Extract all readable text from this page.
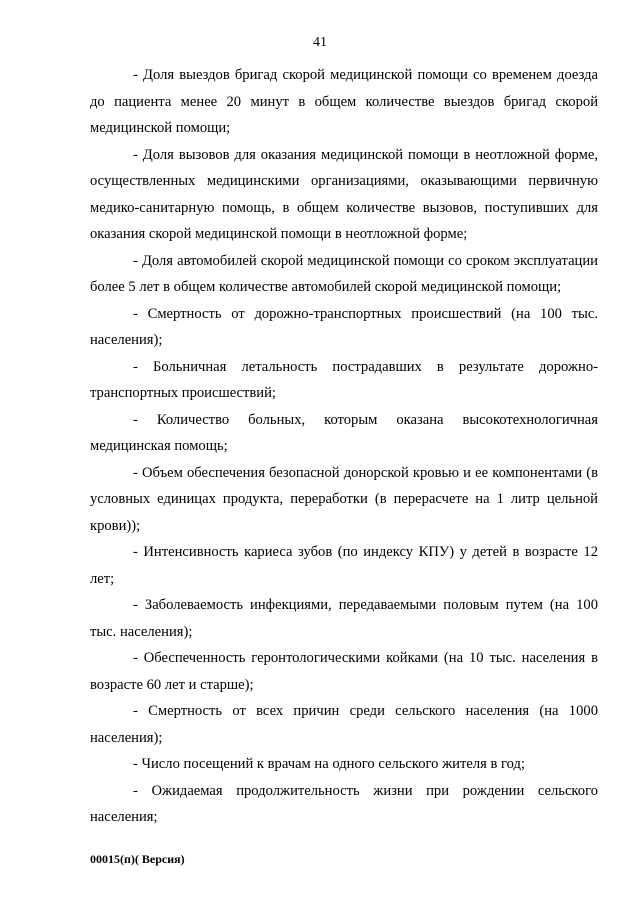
41

- Доля выездов бригад скорой медицинской помощи со временем доезда до пациента менее 20 минут в общем количестве выездов бригад скорой медицинской помощи;

- Доля вызовов для оказания медицинской помощи в неотложной форме, осуществленных медицинскими организациями, оказывающими первичную медико-санитарную помощь, в общем количестве вызовов, поступивших для оказания скорой медицинской помощи в неотложной форме;

- Доля автомобилей скорой медицинской помощи со сроком эксплуатации более 5 лет в общем количестве автомобилей скорой медицинской помощи;

- Смертность от дорожно-транспортных происшествий (на 100 тыс. населения);

- Больничная летальность пострадавших в результате дорожно-транспортных происшествий;

- Количество больных, которым оказана высокотехнологичная медицинская помощь;

- Объем обеспечения безопасной донорской кровью и ее компонентами (в условных единицах продукта, переработки (в перерасчете на 1 литр цельной крови));

- Интенсивность кариеса зубов (по индексу КПУ) у детей в возрасте 12 лет;

- Заболеваемость инфекциями, передаваемыми половым путем (на 100 тыс. населения);

- Обеспеченность геронтологическими койками (на 10 тыс. населения в возрасте 60 лет и старше);

- Смертность от всех причин среди сельского населения (на 1000 населения);

- Число посещений к врачам на одного сельского жителя в год;

- Ожидаемая продолжительность жизни при рождении сельского населения;

00015(п)( Версия)
